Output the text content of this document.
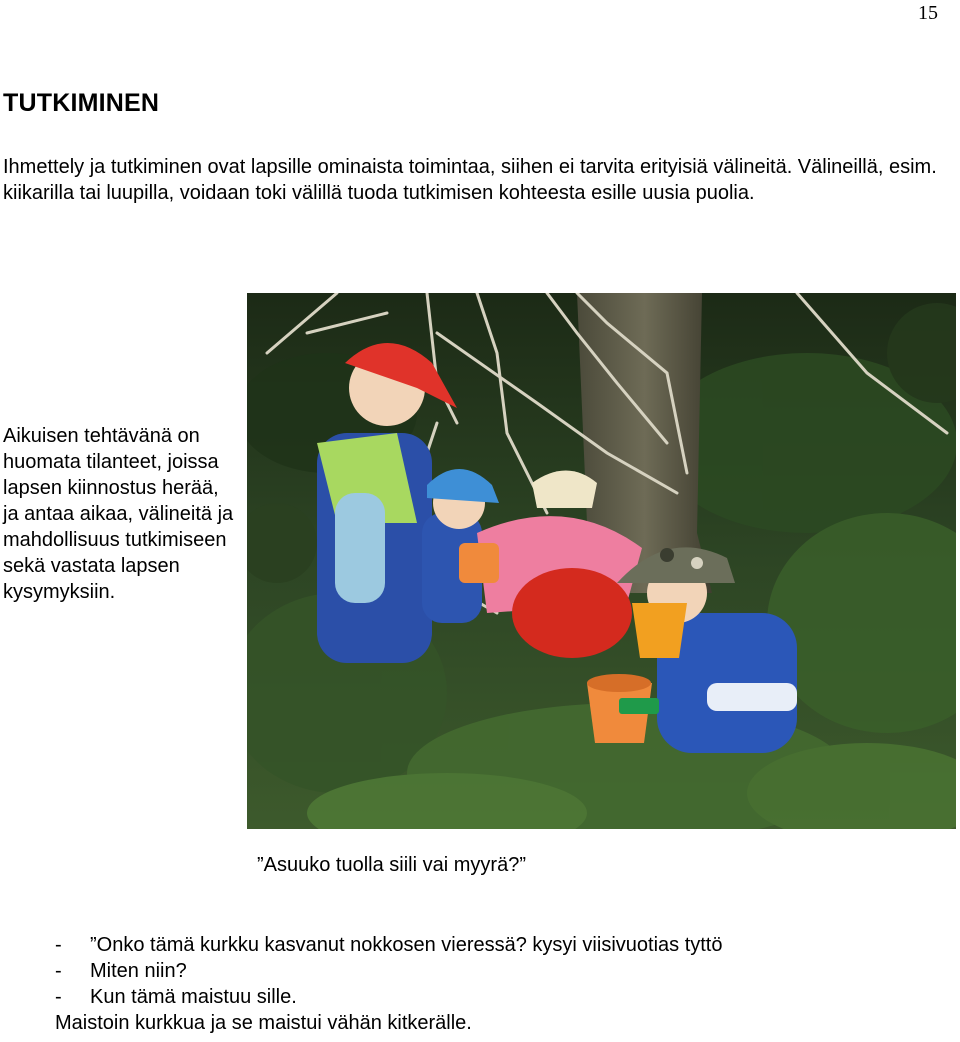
15
TUTKIMINEN

Ihmettely ja tutkiminen ovat lapsille ominaista toimintaa, siihen ei tarvita erityisiä välineitä. Välineillä, esim. kiikarilla tai luupilla, voidaan toki välillä tuoda tutkimisen kohteesta esille uusia puolia.

Aikuisen tehtävänä on huomata tilanteet, joissa lapsen kiinnostus herää, ja antaa aikaa, välineitä ja mahdollisuus tutkimiseen sekä vastata lapsen kysymyksiin.

”Asuuko tuolla siili vai myyrä?”

-	”Onko tämä kurkku kasvanut nokkosen vieressä? kysyi viisivuotias tyttö
-	Miten niin?
-	Kun tämä maistuu sille.
Maistoin kurkkua ja se maistui vähän kitkerälle.
